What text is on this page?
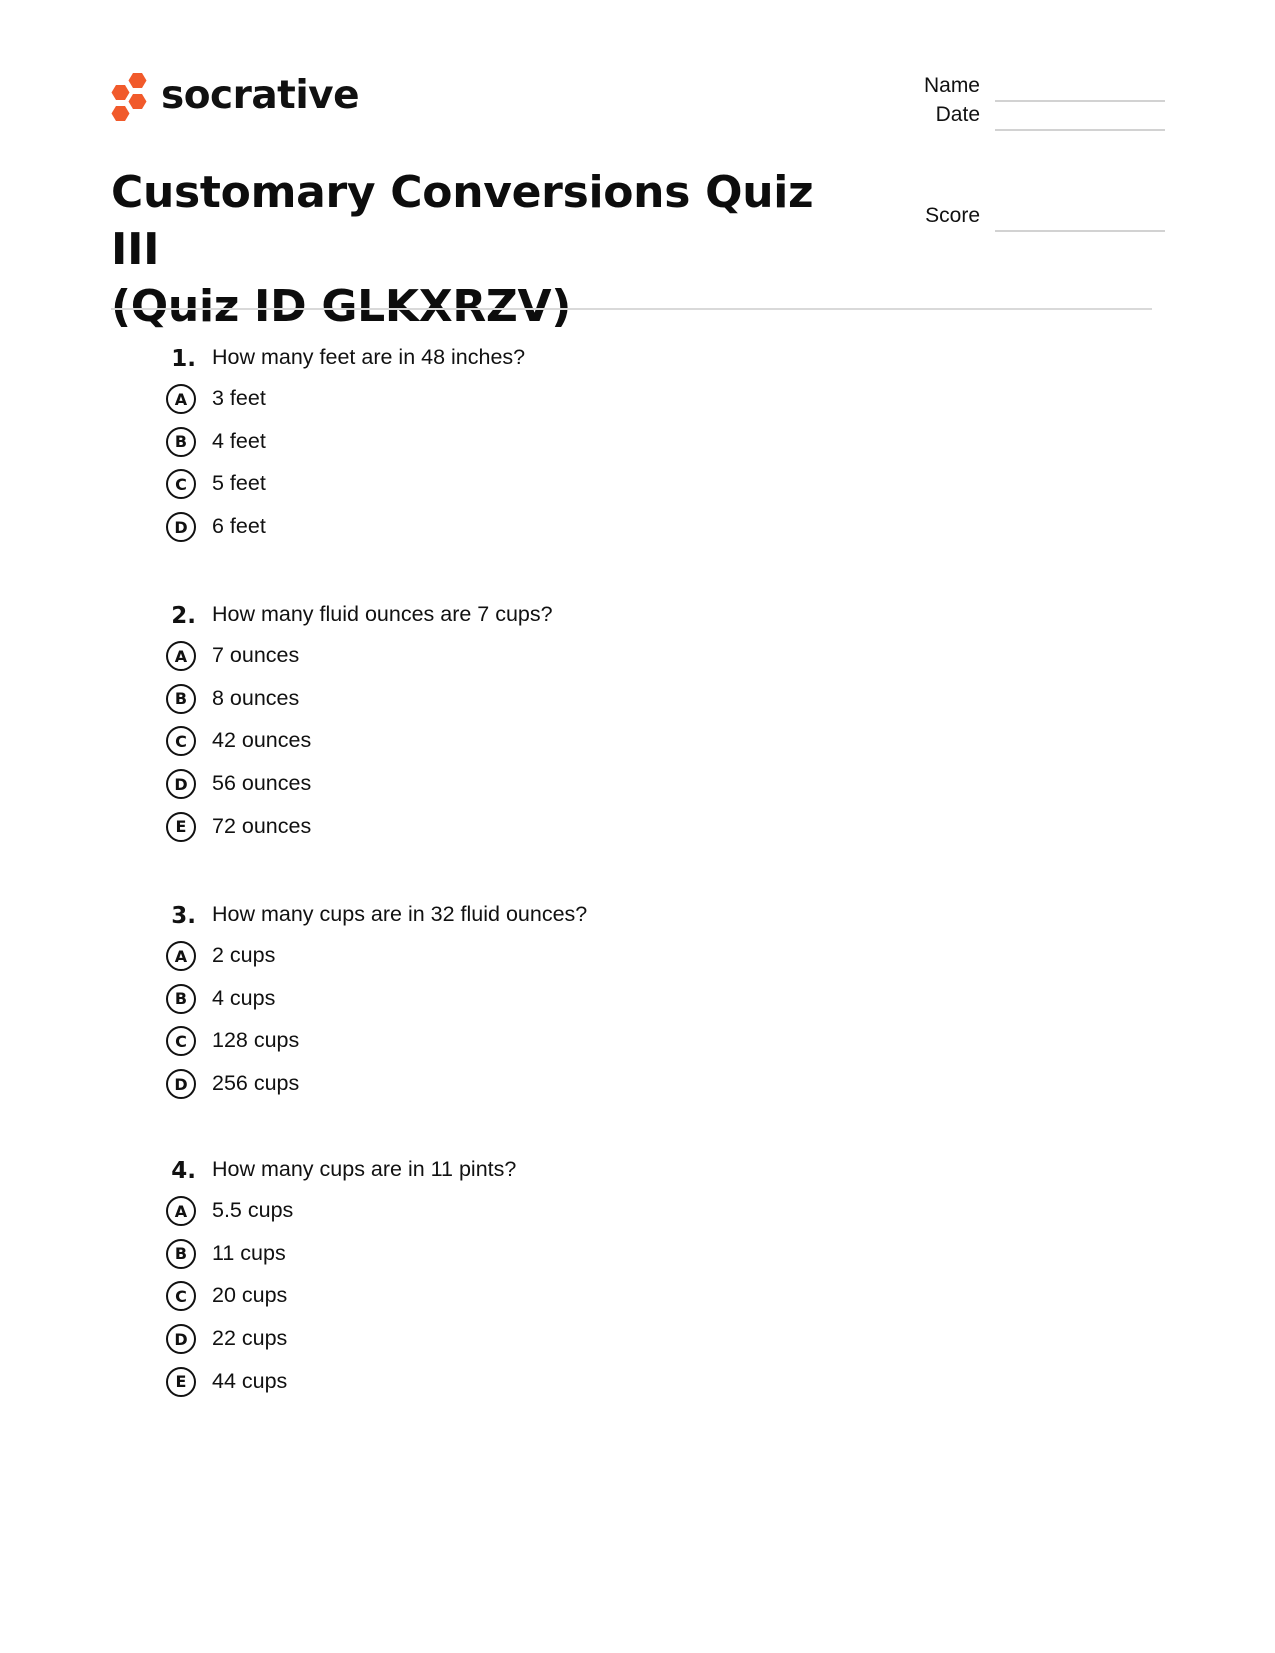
socrative	Name
Date
Score
Customary Conversions Quiz III
(Quiz ID GLKXRZV)
1. How many feet are in 48 inches?
A	3 feet
B	4 feet
C	5 feet
D	6 feet
2. How many fluid ounces are 7 cups?
A	7 ounces
B	8 ounces
C	42 ounces
D	56 ounces
E	72 ounces
3. How many cups are in 32 fluid ounces?
A	2 cups
B	4 cups
C	128 cups
D	256 cups
4. How many cups are in 11 pints?
A	5.5 cups
B	11 cups
C	20 cups
D	22 cups
E	44 cups
